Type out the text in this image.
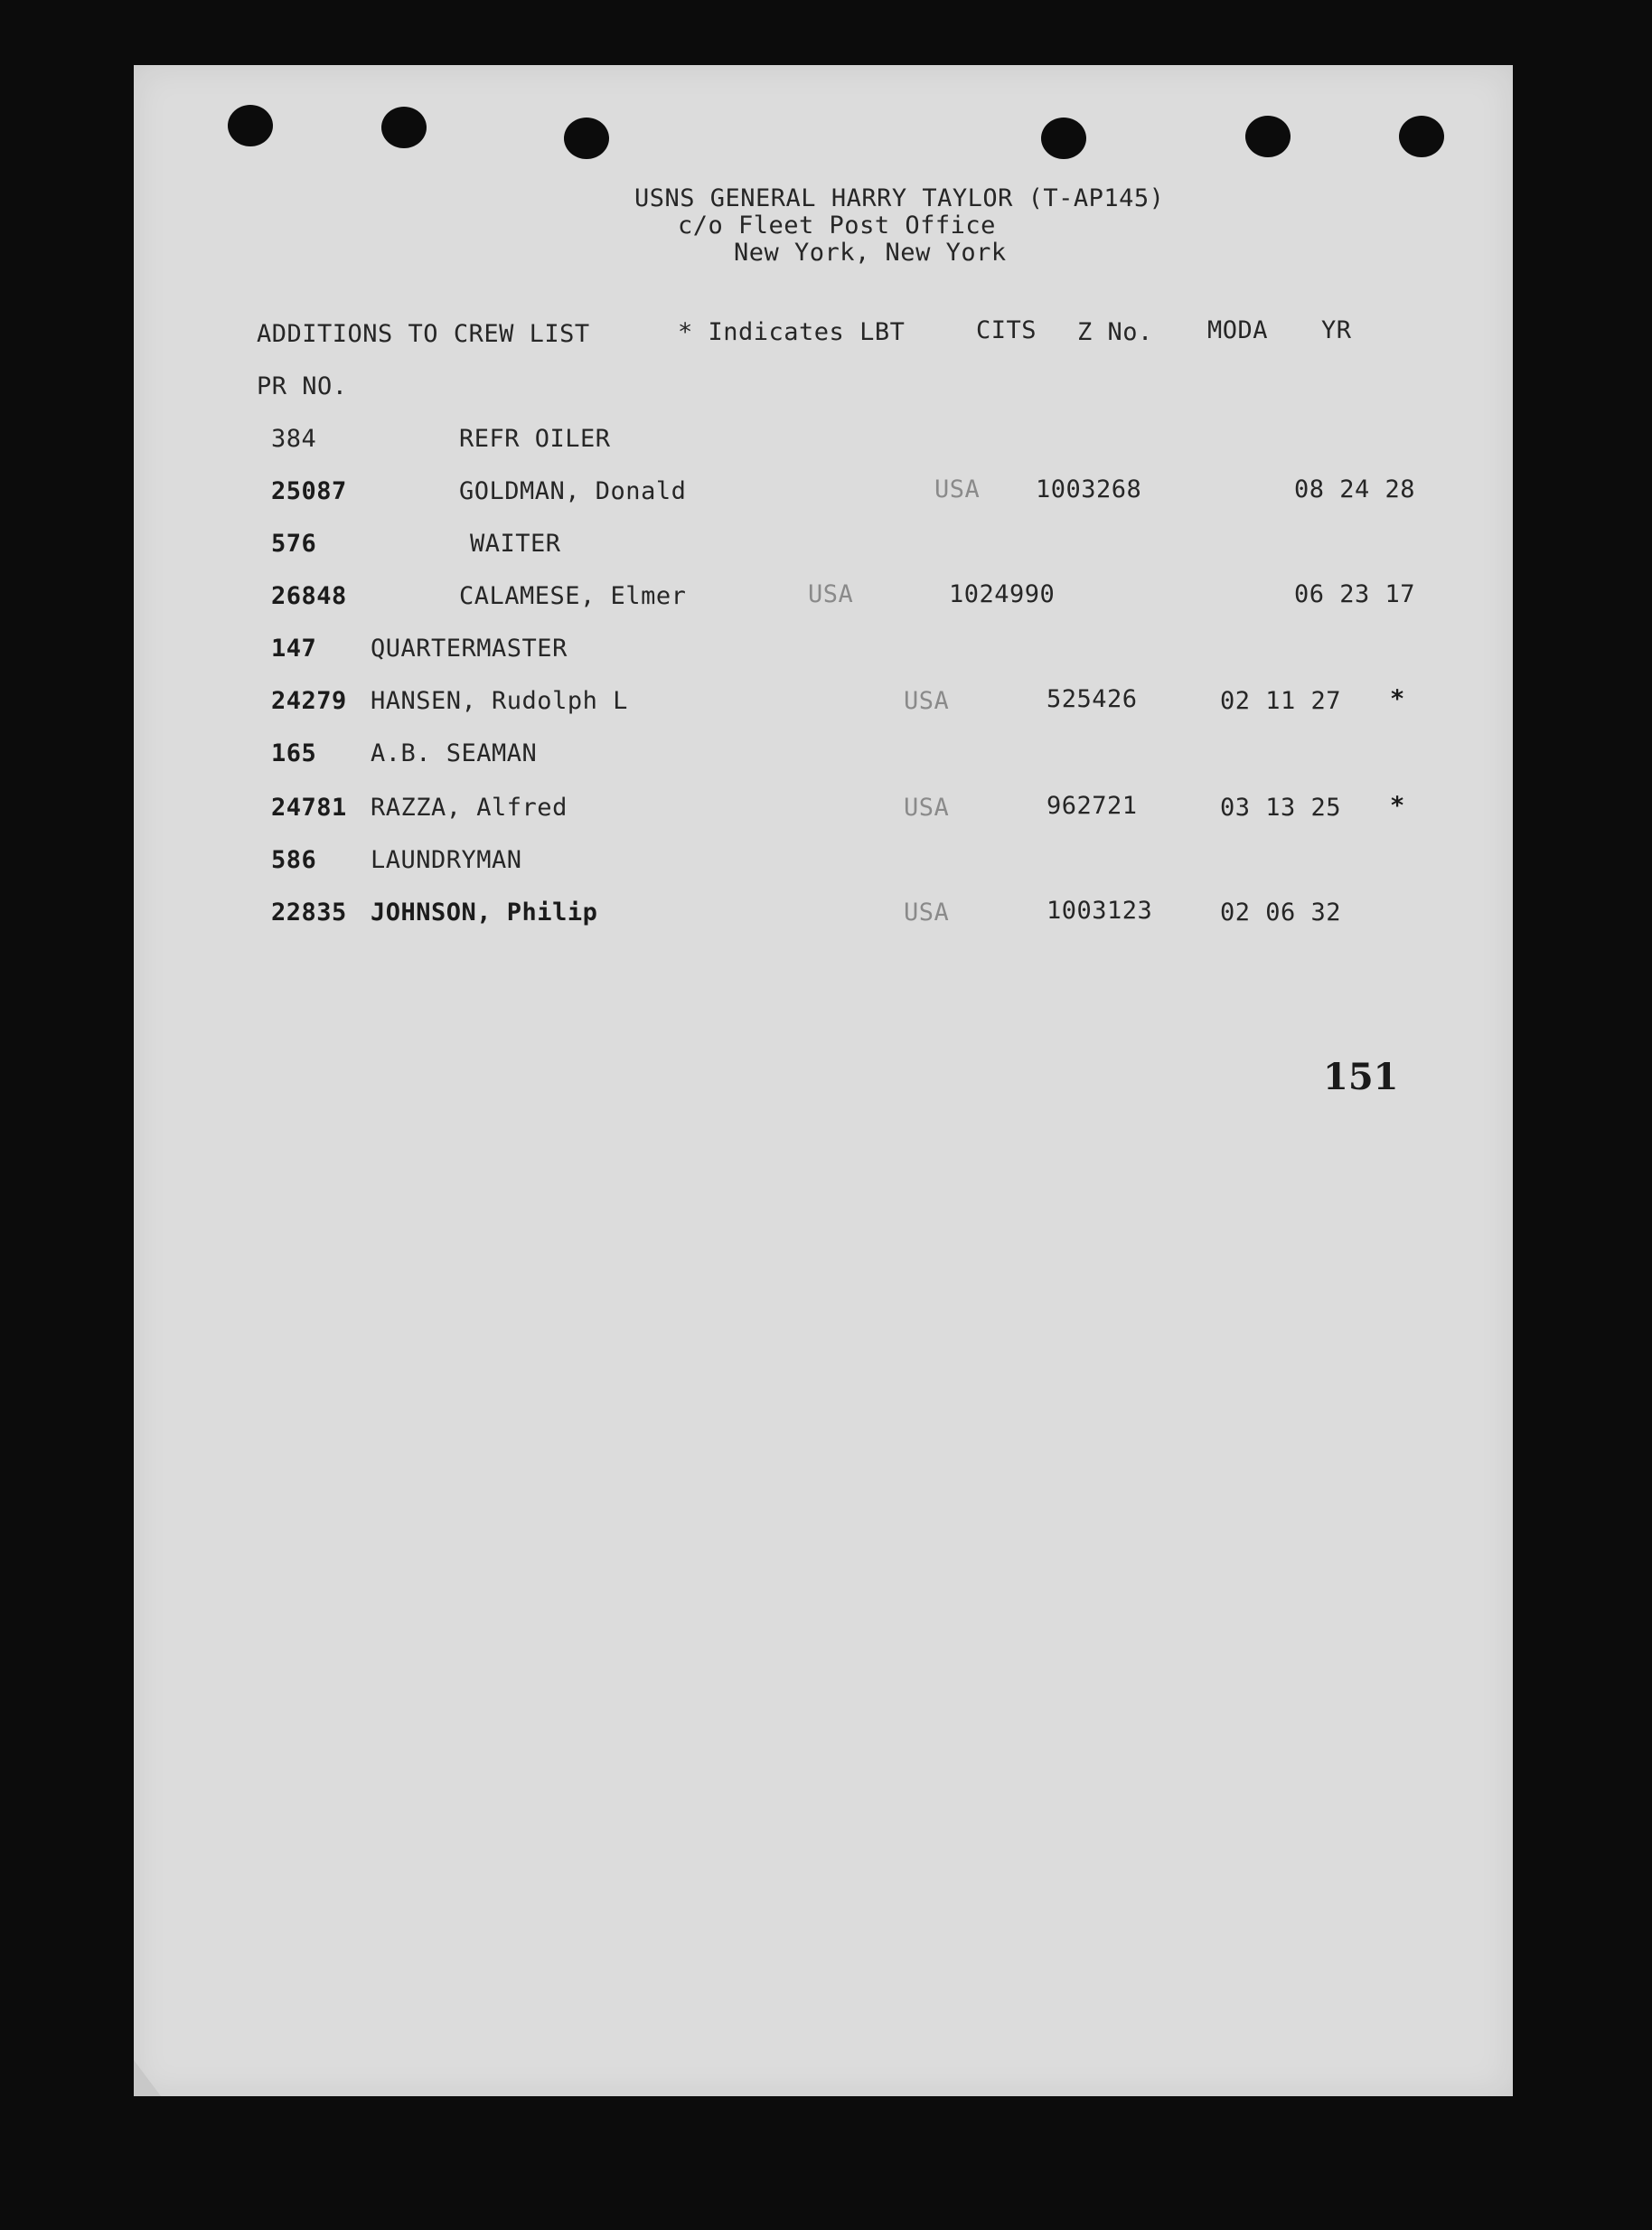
USNS GENERAL HARRY TAYLOR (T-AP145)
c/o Fleet Post Office
New York, New York
ADDITIONS TO CREW LIST	* Indicates LBT	CITS Z No. MODA YR
PR NO.
384	REFR OILER
25087	GOLDMAN, Donald	USA 1003268	08 24 28
576	WAITER
26848	CALAMESE, Elmer	USA	1024990	06 23 17
147 QUARTERMASTER
24279 HANSEN, Rudolph L	USA	525426	02 11 27 *
165 A.B. SEAMAN
24781 RAZZA, Alfred	USA	962721	03 13 25 *
586 LAUNDRYMAN
22835 JOHNSON, Philip	USA	1003123	02 06 32
151
